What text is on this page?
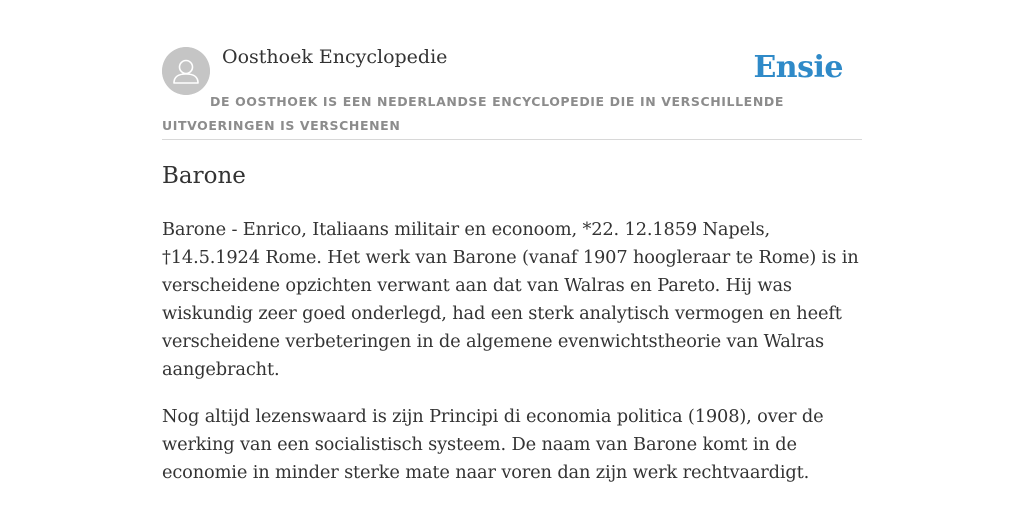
Oosthoek Encyclopedie	Ensie
DE OOSTHOEK IS EEN NEDERLANDSE ENCYCLOPEDIE DIE IN VERSCHILLENDE UITVOERINGEN IS VERSCHENEN
Barone

Barone - Enrico, Italiaans militair en econoom, *22. 12.1859 Napels, †14.5.1924 Rome. Het werk van Barone (vanaf 1907 hoogleraar te Rome) is in verscheidene opzichten verwant aan dat van Walras en Pareto. Hij was wiskundig zeer goed onderlegd, had een sterk analytisch vermogen en heeft verscheidene verbeteringen in de algemene evenwichtstheorie van Walras aangebracht.

Nog altijd lezenswaard is zijn Principi di economia politica (1908), over de werking van een socialistisch systeem. De naam van Barone komt in de economie in minder sterke mate naar voren dan zijn werk rechtvaardigt.
